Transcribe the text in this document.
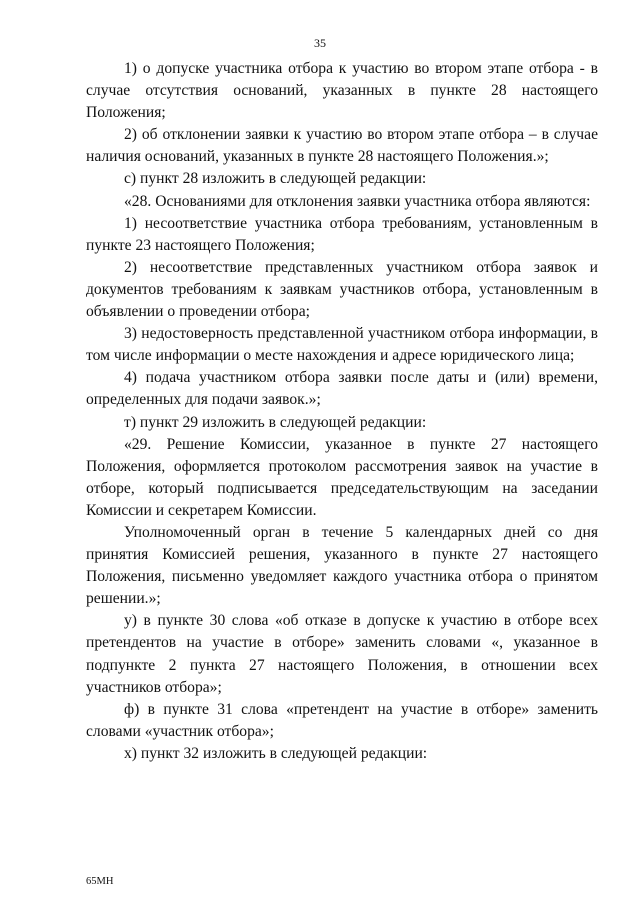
35

1) о допуске участника отбора к участию во втором этапе отбора - в случае отсутствия оснований, указанных в пункте 28 настоящего Положения;

2) об отклонении заявки к участию во втором этапе отбора – в случае наличия оснований, указанных в пункте 28 настоящего Положения.»;

с) пункт 28 изложить в следующей редакции:

«28. Основаниями для отклонения заявки участника отбора являются:

1) несоответствие участника отбора требованиям, установленным в пункте 23 настоящего Положения;

2) несоответствие представленных участником отбора заявок и документов требованиям к заявкам участников отбора, установленным в объявлении о проведении отбора;

3) недостоверность представленной участником отбора информации, в том числе информации о месте нахождения и адресе юридического лица;

4) подача участником отбора заявки после даты и (или) времени, определенных для подачи заявок.»;

т) пункт 29 изложить в следующей редакции:

«29. Решение Комиссии, указанное в пункте 27 настоящего Положения, оформляется протоколом рассмотрения заявок на участие в отборе, который подписывается председательствующим на заседании Комиссии и секретарем Комиссии.

Уполномоченный орган в течение 5 календарных дней со дня принятия Комиссией решения, указанного в пункте 27 настоящего Положения, письменно уведомляет каждого участника отбора о принятом решении.»;

у) в пункте 30 слова «об отказе в допуске к участию в отборе всех претендентов на участие в отборе» заменить словами «, указанное в подпункте 2 пункта 27 настоящего Положения, в отношении всех участников отбора»;

ф) в пункте 31 слова «претендент на участие в отборе» заменить словами «участник отбора»;

х) пункт 32 изложить в следующей редакции:

65МН
